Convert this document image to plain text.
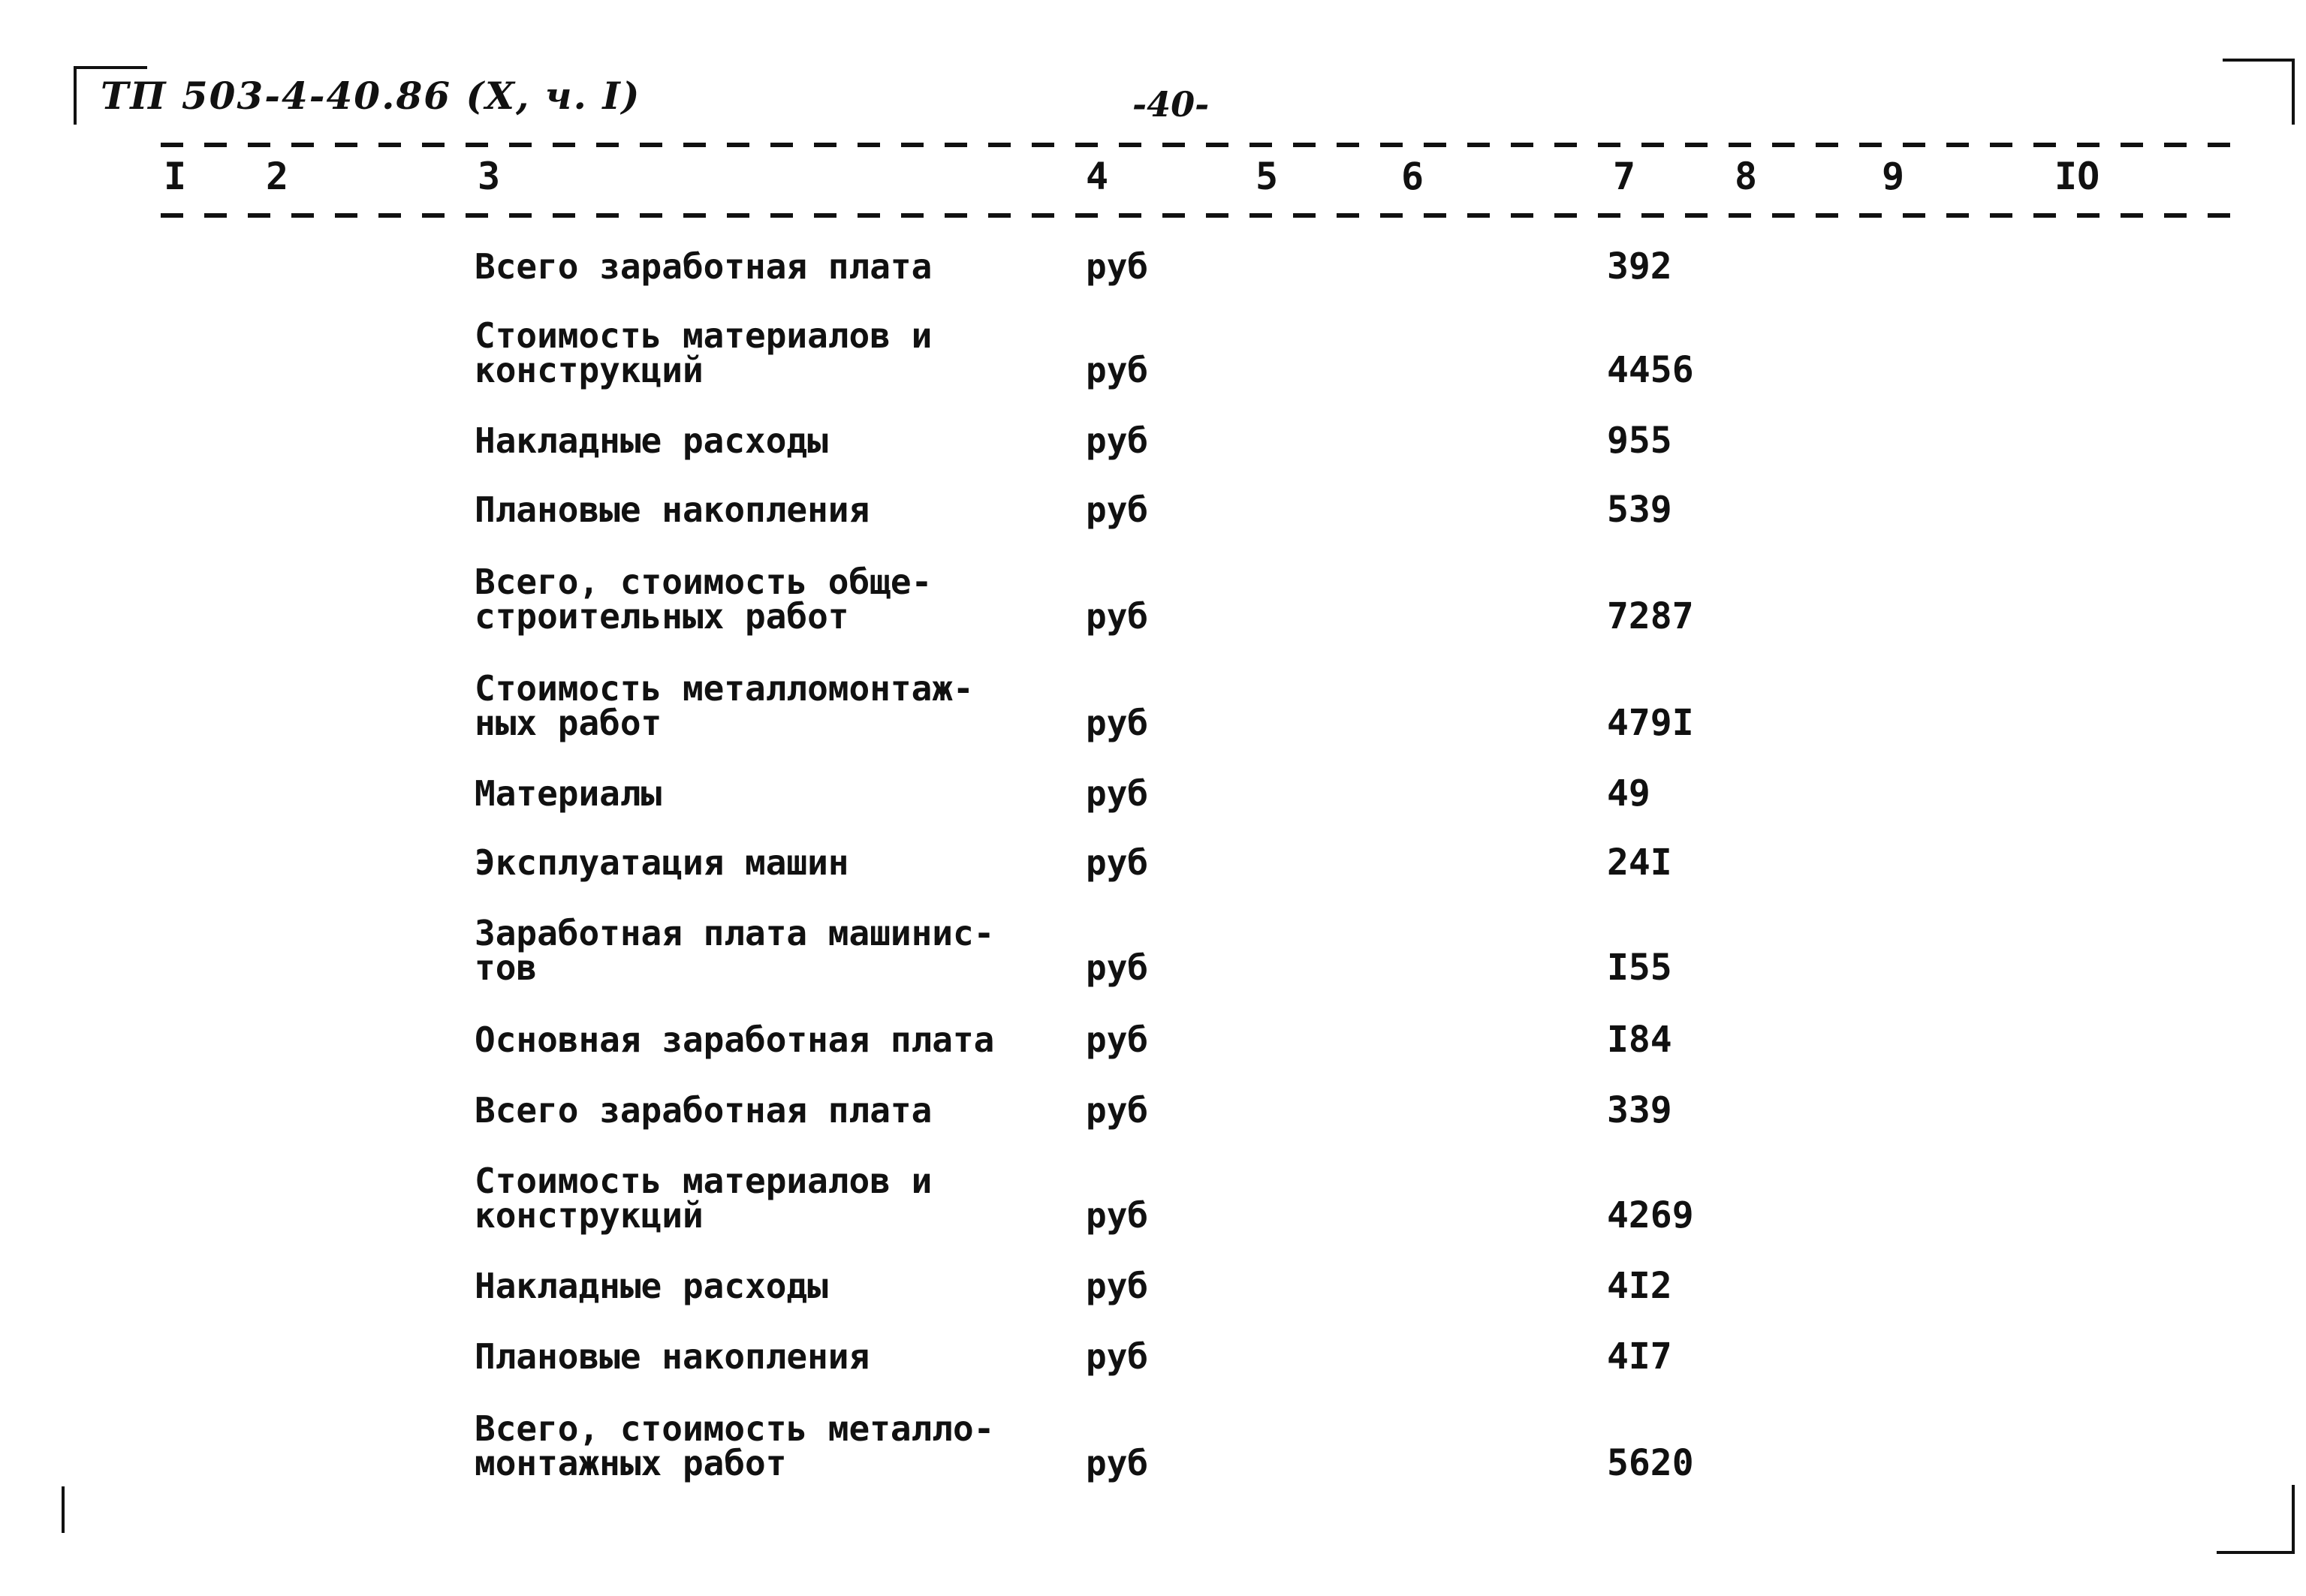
ТП 503-4-40.86 (X, ч. I)	-40-
I 2	3	4	5	6	7	8	9	IO
Всего заработная плата	руб	392
Стоимость материалов и
конструкций	руб	4456
Накладные расходы	руб	955
Плановые накопления	руб	539
Всего, стоимость обще-
строительных работ	руб	7287
Стоимость металломонтаж-
ных работ	руб	479I
Материалы	руб	49
Эксплуатация машин	руб	24I
Заработная плата машинис-
тов	руб	I55
Основная заработная плата	руб	I84
Всего заработная плата	руб	339
Стоимость материалов и
конструкций	руб	4269
Накладные расходы	руб	4I2
Плановые накопления	руб	4I7
Всего, стоимость металло-
монтажных работ	руб	5620
